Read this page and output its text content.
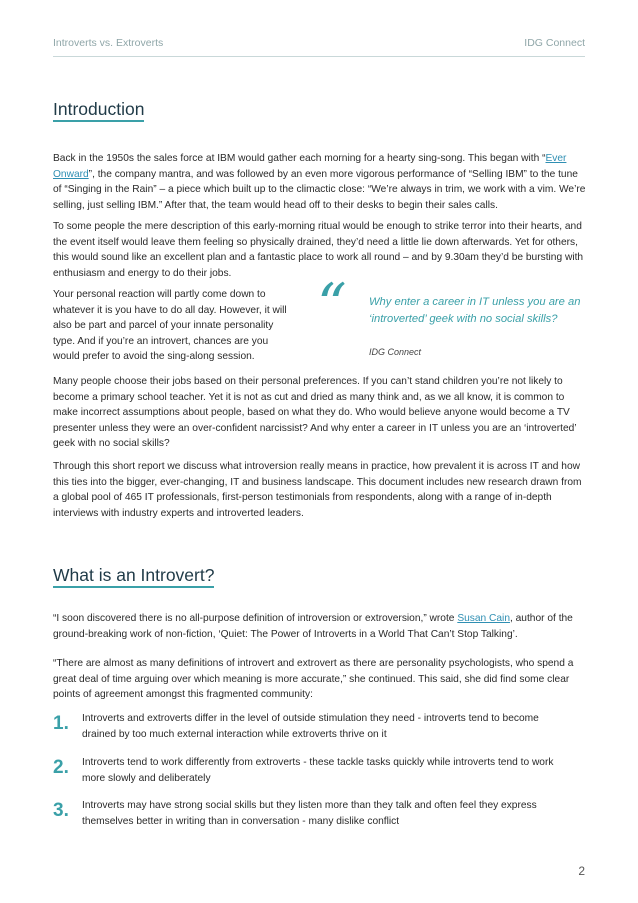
Introverts vs. Extroverts	IDG Connect
Introduction

Back in the 1950s the sales force at IBM would gather each morning for a hearty sing-song. This began with “Ever Onward”, the company mantra, and was followed by an even more vigorous performance of “Selling IBM” to the tune of “Singing in the Rain” – a piece which built up to the climactic close: “We’re always in trim, we work with a vim. We’re selling, just selling IBM.” After that, the team would head off to their desks to begin their sales calls.

To some people the mere description of this early-morning ritual would be enough to strike terror into their hearts, and the event itself would leave them feeling so physically drained, they’d need a little lie down afterwards. Yet for others, this would sound like an excellent plan and a fantastic place to work all round – and by 9.30am they’d be bursting with enthusiasm and energy to do their jobs.

Your personal reaction will partly come down to whatever it is you have to do all day. However, it will also be part and parcel of your innate personality type. And if you’re an introvert, chances are you would prefer to avoid the sing-along session.

“ Why enter a career in IT unless you are an ‘introverted’ geek with no social skills?

IDG Connect

Many people choose their jobs based on their personal preferences. If you can’t stand children you’re not likely to become a primary school teacher. Yet it is not as cut and dried as many think and, as we all know, it is common to make incorrect assumptions about people, based on what they do. Who would believe anyone would become a TV presenter unless they were an over-confident narcissist? And why enter a career in IT unless you are an ‘introverted’ geek with no social skills?

Through this short report we discuss what introversion really means in practice, how prevalent it is across IT and how this ties into the bigger, ever-changing, IT and business landscape. This document includes new research drawn from a global pool of 465 IT professionals, first-person testimonials from respondents, along with a range of in-depth interviews with industry experts and introverted leaders.

What is an Introvert?

“I soon discovered there is no all-purpose definition of introversion or extroversion,” wrote Susan Cain, author of the ground-breaking work of non-fiction, ‘Quiet: The Power of Introverts in a World That Can’t Stop Talking’.

“There are almost as many definitions of introvert and extrovert as there are personality psychologists, who spend a great deal of time arguing over which meaning is more accurate,” she continued. This said, she did find some clear points of agreement amongst this fragmented community:

1. Introverts and extroverts differ in the level of outside stimulation they need - introverts tend to become drained by too much external interaction while extroverts thrive on it

2. Introverts tend to work differently from extroverts - these tackle tasks quickly while introverts tend to work more slowly and deliberately

3. Introverts may have strong social skills but they listen more than they talk and often feel they express themselves better in writing than in conversation - many dislike conflict

2
